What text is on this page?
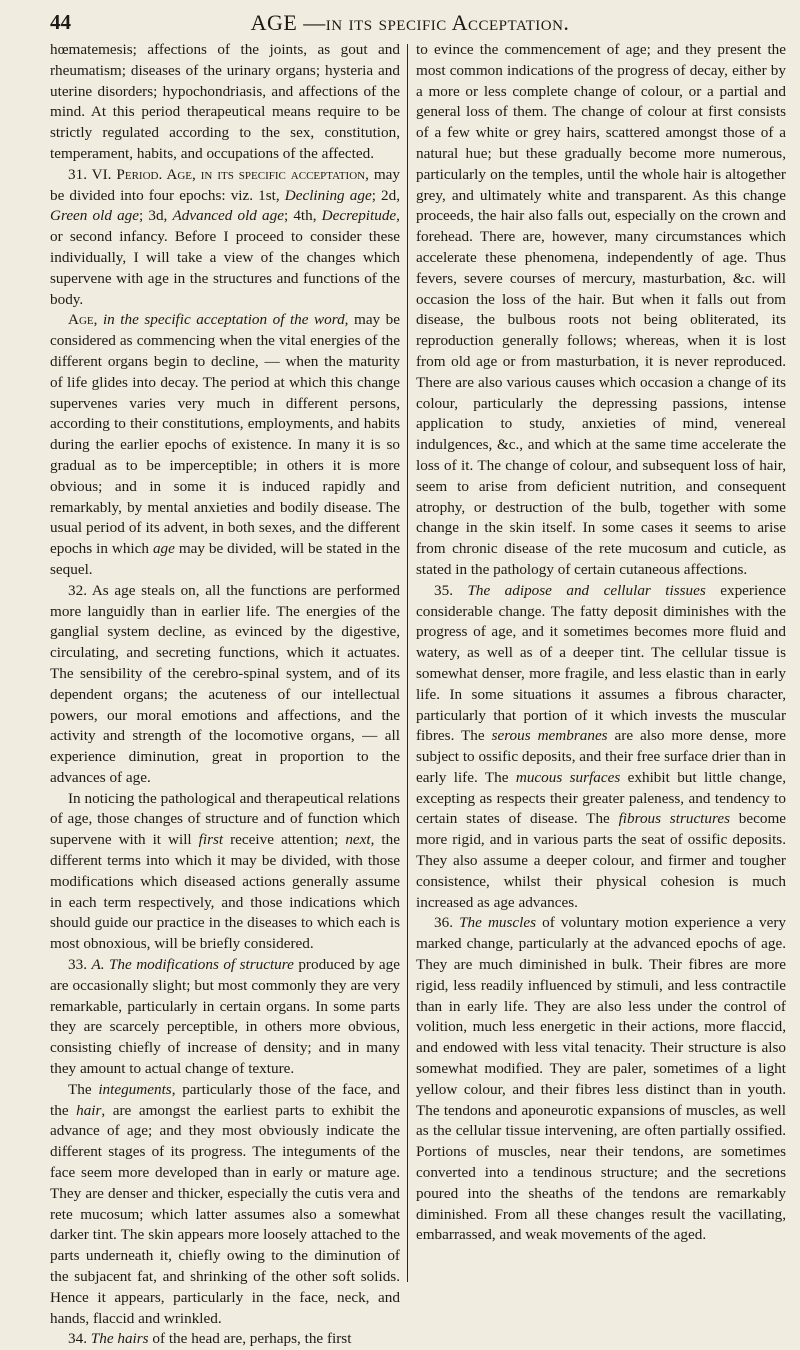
44	AGE —in its specific Acceptation.

hœmatemesis; affections of the joints, as gout and rheumatism; diseases of the urinary organs; hysteria and uterine disorders; hypochondriasis, and affections of the mind. At this period therapeutical means require to be strictly regulated according to the sex, constitution, temperament, habits, and occupations of the affected.

31. VI. Period. Age, in its specific acceptation, may be divided into four epochs: viz. 1st, Declining age; 2d, Green old age; 3d, Advanced old age; 4th, Decrepitude, or second infancy. Before I proceed to consider these individually, I will take a view of the changes which supervene with age in the structures and functions of the body.

Age, in the specific acceptation of the word, may be considered as commencing when the vital energies of the different organs begin to decline, — when the maturity of life glides into decay. The period at which this change supervenes varies very much in different persons, according to their constitutions, employments, and habits during the earlier epochs of existence. In many it is so gradual as to be imperceptible; in others it is more obvious; and in some it is induced rapidly and remarkably, by mental anxieties and bodily disease. The usual period of its advent, in both sexes, and the different epochs in which age may be divided, will be stated in the sequel.

32. As age steals on, all the functions are performed more languidly than in earlier life. The energies of the ganglial system decline, as evinced by the digestive, circulating, and secreting functions, which it actuates. The sensibility of the cerebro-spinal system, and of its dependent organs; the acuteness of our intellectual powers, our moral emotions and affections, and the activity and strength of the locomotive organs, — all experience diminution, great in proportion to the advances of age.

In noticing the pathological and therapeutical relations of age, those changes of structure and of function which supervene with it will first receive attention; next, the different terms into which it may be divided, with those modifications which diseased actions generally assume in each term respectively, and those indications which should guide our practice in the diseases to which each is most obnoxious, will be briefly considered.

33. A. The modifications of structure produced by age are occasionally slight; but most commonly they are very remarkable, particularly in certain organs. In some parts they are scarcely perceptible, in others more obvious, consisting chiefly of increase of density; and in many they amount to actual change of texture.

The integuments, particularly those of the face, and the hair, are amongst the earliest parts to exhibit the advance of age; and they most obviously indicate the different stages of its progress. The integuments of the face seem more developed than in early or mature age. They are denser and thicker, especially the cutis vera and rete mucosum; which latter assumes also a somewhat darker tint. The skin appears more loosely attached to the parts underneath it, chiefly owing to the diminution of the subjacent fat, and shrinking of the other soft solids. Hence it appears, particularly in the face, neck, and hands, flaccid and wrinkled.

34. The hairs of the head are, perhaps, the first

to evince the commencement of age; and they present the most common indications of the progress of decay, either by a more or less complete change of colour, or a partial and general loss of them. The change of colour at first consists of a few white or grey hairs, scattered amongst those of a natural hue; but these gradually become more numerous, particularly on the temples, until the whole hair is altogether grey, and ultimately white and transparent. As this change proceeds, the hair also falls out, especially on the crown and forehead. There are, however, many circumstances which accelerate these phenomena, independently of age. Thus fevers, severe courses of mercury, masturbation, &c. will occasion the loss of the hair. But when it falls out from disease, the bulbous roots not being obliterated, its reproduction generally follows; whereas, when it is lost from old age or from masturbation, it is never reproduced. There are also various causes which occasion a change of its colour, particularly the depressing passions, intense application to study, anxieties of mind, venereal indulgences, &c., and which at the same time accelerate the loss of it. The change of colour, and subsequent loss of hair, seem to arise from deficient nutrition, and consequent atrophy, or destruction of the bulb, together with some change in the skin itself. In some cases it seems to arise from chronic disease of the rete mucosum and cuticle, as stated in the pathology of certain cutaneous affections.

35. The adipose and cellular tissues experience considerable change. The fatty deposit diminishes with the progress of age, and it sometimes becomes more fluid and watery, as well as of a deeper tint. The cellular tissue is somewhat denser, more fragile, and less elastic than in early life. In some situations it assumes a fibrous character, particularly that portion of it which invests the muscular fibres. The serous membranes are also more dense, more subject to ossific deposits, and their free surface drier than in early life. The mucous surfaces exhibit but little change, excepting as respects their greater paleness, and tendency to certain states of disease. The fibrous structures become more rigid, and in various parts the seat of ossific deposits. They also assume a deeper colour, and firmer and tougher consistence, whilst their physical cohesion is much increased as age advances.

36. The muscles of voluntary motion experience a very marked change, particularly at the advanced epochs of age. They are much diminished in bulk. Their fibres are more rigid, less readily influenced by stimuli, and less contractile than in early life. They are also less under the control of volition, much less energetic in their actions, more flaccid, and endowed with less vital tenacity. Their structure is also somewhat modified. They are paler, sometimes of a light yellow colour, and their fibres less distinct than in youth. The tendons and aponeurotic expansions of muscles, as well as the cellular tissue intervening, are often partially ossified. Portions of muscles, near their tendons, are sometimes converted into a tendinous structure; and the secretions poured into the sheaths of the tendons are remarkably diminished. From all these changes result the vacillating, embarrassed, and weak movements of the aged.
